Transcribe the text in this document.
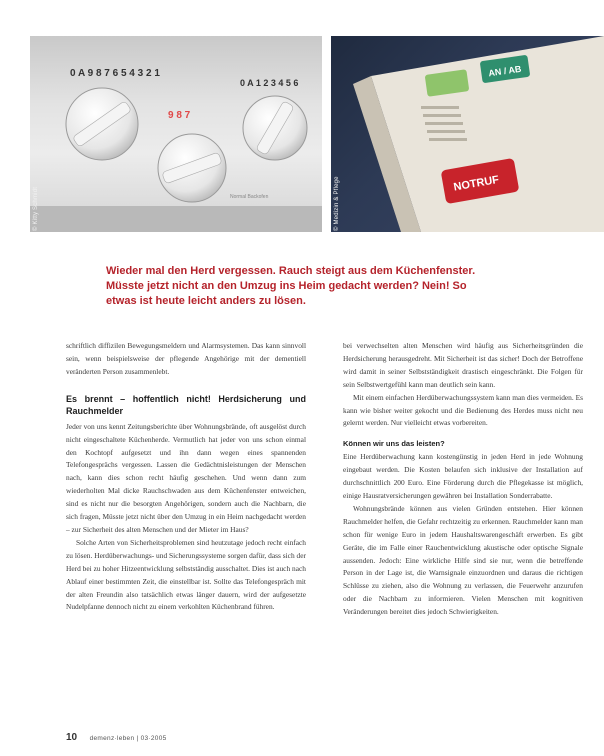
0 A 9 8 7 6 5 4 3 2 1
9 8 7
0 A 1 2 3 4 5 6
Normal Backofen
© Kitty Schmidt
AN / AB
NOTRUF
© Medizin & Pflege
Wieder mal den Herd vergessen. Rauch steigt aus dem Küchenfenster. Müsste jetzt nicht an den Umzug ins Heim gedacht werden? Nein! So etwas ist heute leicht anders zu lösen.

schriftlich diffizilen Bewegungsmeldern und Alarmsystemen. Das kann sinnvoll sein, wenn beispielsweise der pflegende Angehörige mit der dementiell veränderten Person zusammenlebt.

Es brennt – hoffentlich nicht! Herdsicherung und Rauchmelder

Jeder von uns kennt Zeitungsberichte über Wohnungsbrände, oft ausgelöst durch nicht eingeschaltete Küchenherde. Vermutlich hat jeder von uns schon einmal den Kochtopf aufgesetzt und ihn dann wegen eines spannenden Telefongesprächs vergessen. Lassen die Gedächtnisleistungen der Menschen nach, kann dies schon recht häufig geschehen. Und wenn dann zum wiederholten Mal dicke Rauchschwaden aus dem Küchenfenster entweichen, sind es nicht nur die besorgten Angehörigen, sondern auch die Nachbarn, die sich fragen, Müsste jetzt nicht über den Umzug in ein Heim nachgedacht werden – zur Sicherheit des alten Menschen und der Mieter im Haus?

Solche Arten von Sicherheitsproblemen sind heutzutage jedoch recht einfach zu lösen. Herdüberwachungs- und Sicherungssysteme sorgen dafür, dass sich der Herd bei zu hoher Hitzeentwicklung selbstständig ausschaltet. Dies ist auch nach Ablauf einer bestimmten Zeit, die einstellbar ist. Sollte das Telefongespräch mit der alten Freundin also tatsächlich etwas länger dauern, wird der aufgesetzte Nudelpfanne dennoch nicht zu einem verkohlten Küchenbrand führen.

bei verwechselten alten Menschen wird häufig aus Sicherheitsgründen die Herdsicherung herausgedreht. Mit Sicherheit ist das sicher! Doch der Betroffene wird damit in seiner Selbstständigkeit drastisch eingeschränkt. Die Folgen für sein Selbstwertgefühl kann man deutlich sein kann.

Mit einem einfachen Herdüberwachungssystem kann man dies vermeiden. Es kann wie bisher weiter gekocht und die Bedienung des Herdes muss nicht neu gelernt werden. Nur vielleicht etwas vorbereiten.

Können wir uns das leisten?

Eine Herdüberwachung kann kostengünstig in jeden Herd in jede Wohnung eingebaut werden. Die Kosten belaufen sich inklusive der Installation auf durchschnittlich 200 Euro. Eine Förderung durch die Pflegekasse ist möglich, einige Hausratversicherungen gewähren bei Installation Sonderrabatte.

Wohnungsbrände können aus vielen Gründen entstehen. Hier können Rauchmelder helfen, die Gefahr rechtzeitig zu erkennen. Rauchmelder kann man schon für wenige Euro in jedem Haushaltswarengeschäft erwerben. Es gibt Geräte, die im Falle einer Rauchentwicklung akustische oder optische Signale aussenden. Jedoch: Eine wirkliche Hilfe sind sie nur, wenn die betreffende Person in der Lage ist, die Warnsignale einzuordnen und daraus die richtigen Schlüsse zu ziehen, also die Wohnung zu verlassen, die Feuerwehr anzurufen oder die Nachbarn zu informieren. Vielen Menschen mit kognitiven Veränderungen bereitet dies jedoch Schwierigkeiten.

10 demenz·leben | 03·2005
